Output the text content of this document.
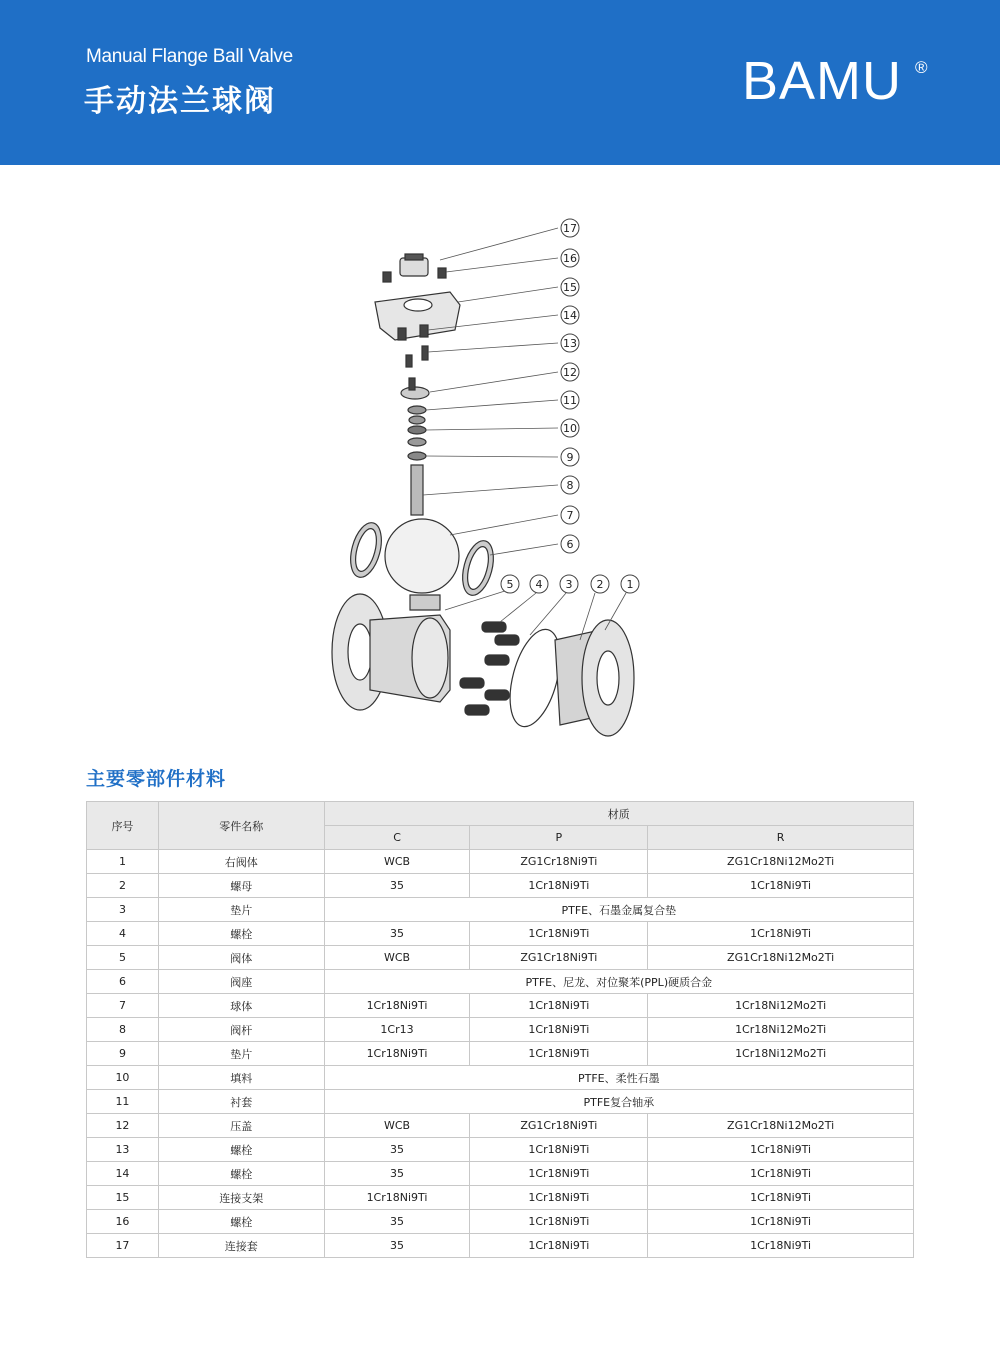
Manual Flange Ball Valve
手动法兰球阀	BAMU ®
17
16
15
14
13
12
11
10
9
8
7
6
5 4 3 2 1
主要零部件材料
序号	零件名称	材质		
		C	P	R
1	右阀体	WCB	ZG1Cr18Ni9Ti	ZG1Cr18Ni12Mo2Ti
2	螺母	35	1Cr18Ni9Ti	1Cr18Ni9Ti
3	垫片	PTFE、石墨金属复合垫		
4	螺栓	35	1Cr18Ni9Ti	1Cr18Ni9Ti
5	阀体	WCB	ZG1Cr18Ni9Ti	ZG1Cr18Ni12Mo2Ti
6	阀座	PTFE、尼龙、对位聚苯(PPL)硬质合金		
7	球体	1Cr18Ni9Ti	1Cr18Ni9Ti	1Cr18Ni12Mo2Ti
8	阀杆	1Cr13	1Cr18Ni9Ti	1Cr18Ni12Mo2Ti
9	垫片	1Cr18Ni9Ti	1Cr18Ni9Ti	1Cr18Ni12Mo2Ti
10	填料	PTFE、柔性石墨		
11	衬套	PTFE复合轴承		
12	压盖	WCB	ZG1Cr18Ni9Ti	ZG1Cr18Ni12Mo2Ti
13	螺栓	35	1Cr18Ni9Ti	1Cr18Ni9Ti
14	螺栓	35	1Cr18Ni9Ti	1Cr18Ni9Ti
15	连接支架	1Cr18Ni9Ti	1Cr18Ni9Ti	1Cr18Ni9Ti
16	螺栓	35	1Cr18Ni9Ti	1Cr18Ni9Ti
17	连接套	35	1Cr18Ni9Ti	1Cr18Ni9Ti
